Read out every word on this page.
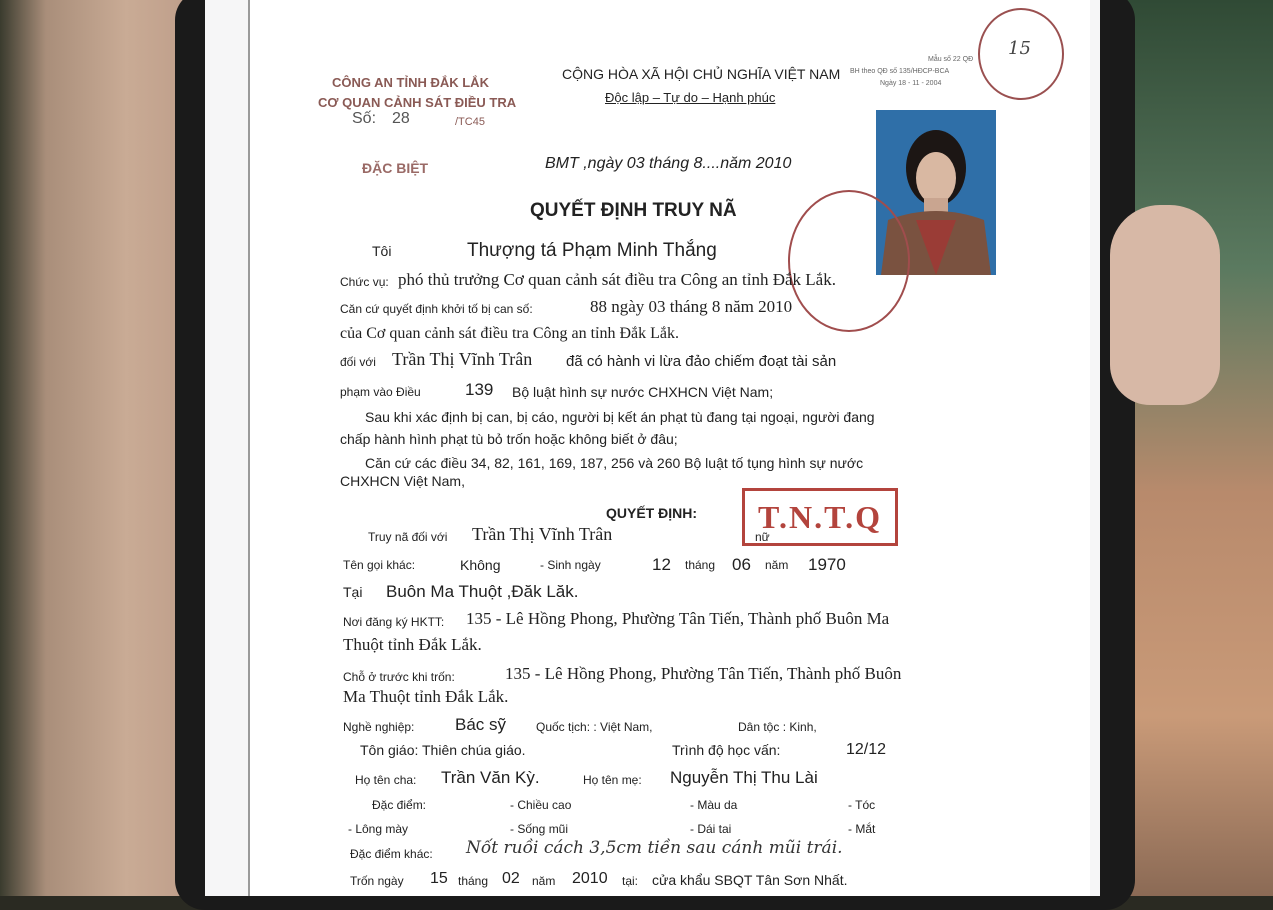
CÔNG AN TỈNH ĐẮK LẮK
CƠ QUAN CẢNH SÁT ĐIỀU TRA
Số: 28	/TC45
ĐẶC BIỆT
CỘNG HÒA XÃ HỘI CHỦ NGHĨA VIỆT NAM
Độc lập – Tự do – Hạnh phúc
BMT ,ngày 03 tháng 8....năm 2010
Mẫu số 22 QĐ
BH theo QĐ số 135/HĐCP-BCA
Ngày 18 - 11 - 2004
15
QUYẾT ĐỊNH TRUY NÃ
Tôi	Thượng tá Phạm Minh Thắng
Chức vụ: phó thủ trưởng Cơ quan cảnh sát điều tra Công an tỉnh Đắk Lắk.
Căn cứ quyết định khởi tố bị can số:	88 ngày 03 tháng 8 năm 2010
của Cơ quan cảnh sát điều tra Công an tỉnh Đắk Lắk.
đối với Trần Thị Vĩnh Trân đã có hành vi lừa đảo chiếm đoạt tài sản
phạm vào Điều	139 Bộ luật hình sự nước CHXHCN Việt Nam;
Sau khi xác định bị can, bị cáo, người bị kết án phạt tù đang tại ngoại, người đang
chấp hành hình phạt tù bỏ trốn hoặc không biết ở đâu;
Căn cứ các điều 34, 82, 161, 169, 187, 256 và 260 Bộ luật tố tụng hình sự nước
CHXHCN Việt Nam,
QUYẾT ĐỊNH:	T.N.T.Q
Truy nã đối với Trần Thị Vĩnh Trân	nữ
Tên gọi khác:	Không	- Sinh ngày	12 tháng 06 năm 1970
Tại Buôn Ma Thuột ,Đăk Lăk.
Nơi đăng ký HKTT: 135 - Lê Hồng Phong, Phường Tân Tiến, Thành phố Buôn Ma
Thuột tỉnh Đắk Lắk.
Chỗ ở trước khi trốn:	135 - Lê Hồng Phong, Phường Tân Tiến, Thành phố Buôn
Ma Thuột tỉnh Đắk Lắk.
Nghề nghiệp: Bác sỹ Quốc tịch: : Việt Nam,	Dân tộc : Kinh,
Tôn giáo: Thiên chúa giáo.	Trình độ học vấn:	12/12
Họ tên cha: Trần Văn Kỳ.	Họ tên mẹ: Nguyễn Thị Thu Lài
Đặc điểm:	- Chiều cao	- Màu da	- Tóc
- Lông mày	- Sống mũi	- Dái tai	- Mắt
Đặc điểm khác: Nốt ruồi cách 3,5cm tiền sau cánh mũi trái.
Trốn ngày 15 tháng 02 năm 2010 tại: cửa khẩu SBQT Tân Sơn Nhất.
